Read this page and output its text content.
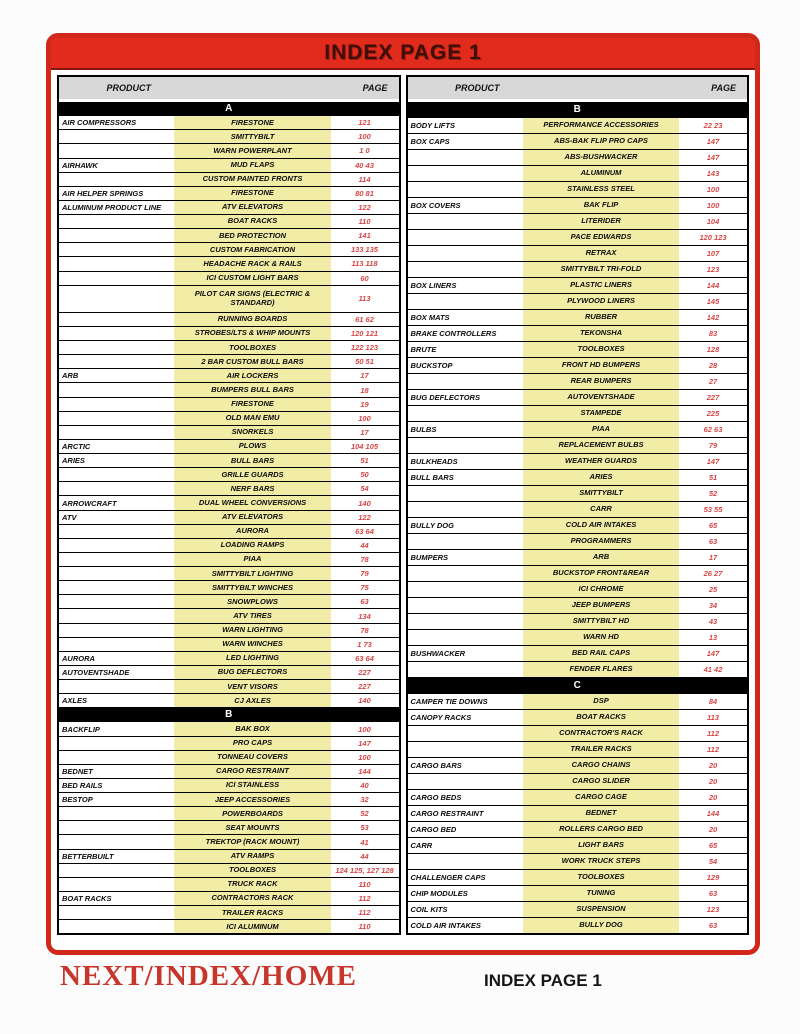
INDEX PAGE 1
PRODUCT	PAGE
A
AIR COMPRESSORS	FIRESTONE	121
SMITTYBILT	100
WARN POWERPLANT	1 0
AIRHAWK	MUD FLAPS	40 43
CUSTOM PAINTED FRONTS	114
AIR HELPER SPRINGS	FIRESTONE	80 81
ALUMINUM PRODUCT LINE	ATV ELEVATORS	122
BOAT RACKS	110
BED PROTECTION	141
CUSTOM FABRICATION	133 135
HEADACHE RACK & RAILS	113 118
ICI CUSTOM LIGHT BARS	60
PILOT CAR SIGNS (ELECTRIC & STANDARD)	113
RUNNING BOARDS	61 62
STROBES/LTS & WHIP MOUNTS	120 121
TOOLBOXES	122 123
2 BAR CUSTOM BULL BARS	50 51
ARB	AIR LOCKERS	17
BUMPERS BULL BARS	18
FIRESTONE	19
OLD MAN EMU	100
SNORKELS	17
ARCTIC	PLOWS	104 105
ARIES	BULL BARS	51
GRILLE GUARDS	50
NERF BARS	54
ARROWCRAFT	DUAL WHEEL CONVERSIONS	140
ATV	ATV ELEVATORS	122
AURORA	63 64
LOADING RAMPS	44
PIAA	78
SMITTYBILT LIGHTING	79
SMITTYBILT WINCHES	75
SNOWPLOWS	63
ATV TIRES	134
WARN LIGHTING	78
WARN WINCHES	1 73
AURORA	LED LIGHTING	63 64
AUTOVENTSHADE	BUG DEFLECTORS	227
VENT VISORS	227
AXLES	CJ AXLES	140
B
BACKFLIP	BAK BOX	100
PRO CAPS	147
TONNEAU COVERS	100
BEDNET	CARGO RESTRAINT	144
BED RAILS	ICI STAINLESS	40
BESTOP	JEEP ACCESSORIES	32
POWERBOARDS	52
SEAT MOUNTS	53
TREKTOP (RACK MOUNT)	41
BETTERBUILT	ATV RAMPS	44
TOOLBOXES	124 125, 127 128
TRUCK RACK	110
BOAT RACKS	CONTRACTORS RACK	112
TRAILER RACKS	112
ICI ALUMINUM	110
PRODUCT	PAGE
B
BODY LIFTS	PERFORMANCE ACCESSORIES	22 23
BOX CAPS	ABS-BAK FLIP PRO CAPS	147
ABS-BUSHWACKER	147
ALUMINUM	143
STAINLESS STEEL	100
BOX COVERS	BAK FLIP	100
LITERIDER	104
PACE EDWARDS	120 123
RETRAX	107
SMITTYBILT TRI-FOLD	123
BOX LINERS	PLASTIC LINERS	144
PLYWOOD LINERS	145
BOX MATS	RUBBER	142
BRAKE CONTROLLERS	TEKONSHA	83
BRUTE	TOOLBOXES	128
BUCKSTOP	FRONT HD BUMPERS	28
REAR BUMPERS	27
BUG DEFLECTORS	AUTOVENTSHADE	227
STAMPEDE	225
BULBS	PIAA	62 63
REPLACEMENT BULBS	79
BULKHEADS	WEATHER GUARDS	147
BULL BARS	ARIES	51
SMITTYBILT	52
CARR	53 55
BULLY DOG	COLD AIR INTAKES	65
PROGRAMMERS	63
BUMPERS	ARB	17
BUCKSTOP FRONT&REAR	26 27
ICI CHROME	25
JEEP BUMPERS	34
SMITTYBILT HD	43
WARN HD	13
BUSHWACKER	BED RAIL CAPS	147
FENDER FLARES	41 42
C
CAMPER TIE DOWNS	DSP	84
CANOPY RACKS	BOAT RACKS	113
CONTRACTOR'S RACK	112
TRAILER RACKS	112
CARGO BARS	CARGO CHAINS	20
CARGO SLIDER	20
CARGO BEDS	CARGO CAGE	20
CARGO RESTRAINT	BEDNET	144
CARGO BED	ROLLERS CARGO BED	20
CARR	LIGHT BARS	65
WORK TRUCK STEPS	54
CHALLENGER CAPS	TOOLBOXES	129
CHIP MODULES	TUNING	63
COIL KITS	SUSPENSION	123
COLD AIR INTAKES	BULLY DOG	63
NEXT/INDEX/HOME	INDEX PAGE 1
